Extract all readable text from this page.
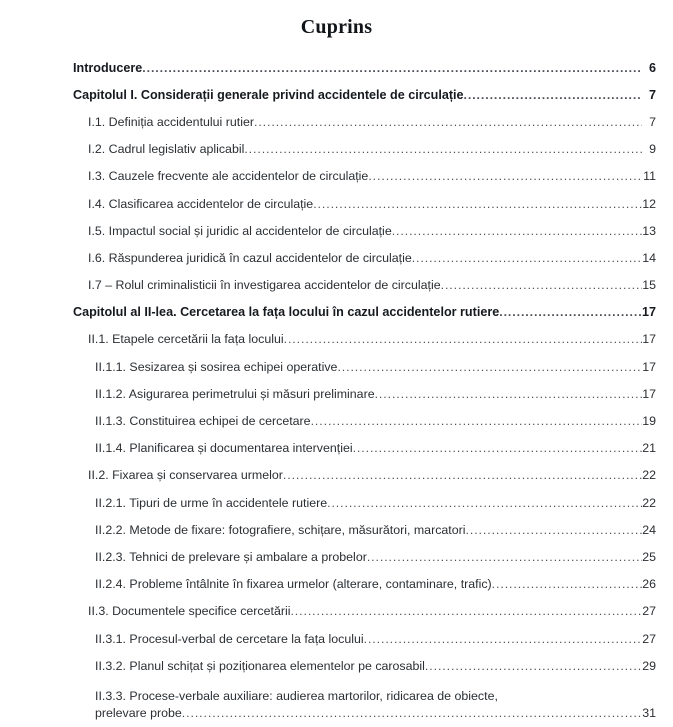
Cuprins
Introducere .....	6
Capitolul I. Considerații generale privind accidentele de circulație .....	7
I.1. Definiția accidentului rutier .....	7
I.2. Cadrul legislativ aplicabil .....	9
I.3. Cauzele frecvente ale accidentelor de circulație .....	11
I.4. Clasificarea accidentelor de circulație .....	12
I.5. Impactul social și juridic al accidentelor de circulație .....	13
I.6. Răspunderea juridică în cazul accidentelor de circulație .....	14
I.7 – Rolul criminalisticii în investigarea accidentelor de circulație .....	15
Capitolul al II-lea. Cercetarea la fața locului în cazul accidentelor rutiere .....	17
II.1. Etapele cercetării la fața locului .....	17
II.1.1. Sesizarea și sosirea echipei operative .....	17
II.1.2. Asigurarea perimetrului și măsuri preliminare .....	17
II.1.3. Constituirea echipei de cercetare .....	19
II.1.4. Planificarea și documentarea intervenției .....	21
II.2. Fixarea și conservarea urmelor .....	22
II.2.1. Tipuri de urme în accidentele rutiere .....	22
II.2.2. Metode de fixare: fotografiere, schițare, măsurători, marcatori .....	24
II.2.3. Tehnici de prelevare și ambalare a probelor .....	25
II.2.4. Probleme întâlnite în fixarea urmelor (alterare, contaminare, trafic) .....	26
II.3. Documentele specifice cercetării .....	27
II.3.1. Procesul-verbal de cercetare la fața locului .....	27
II.3.2. Planul schițat și poziționarea elementelor pe carosabil .....	29
II.3.3. Procese-verbale auxiliare: audierea martorilor, ridicarea de obiecte,
prelevare probe .....	31
